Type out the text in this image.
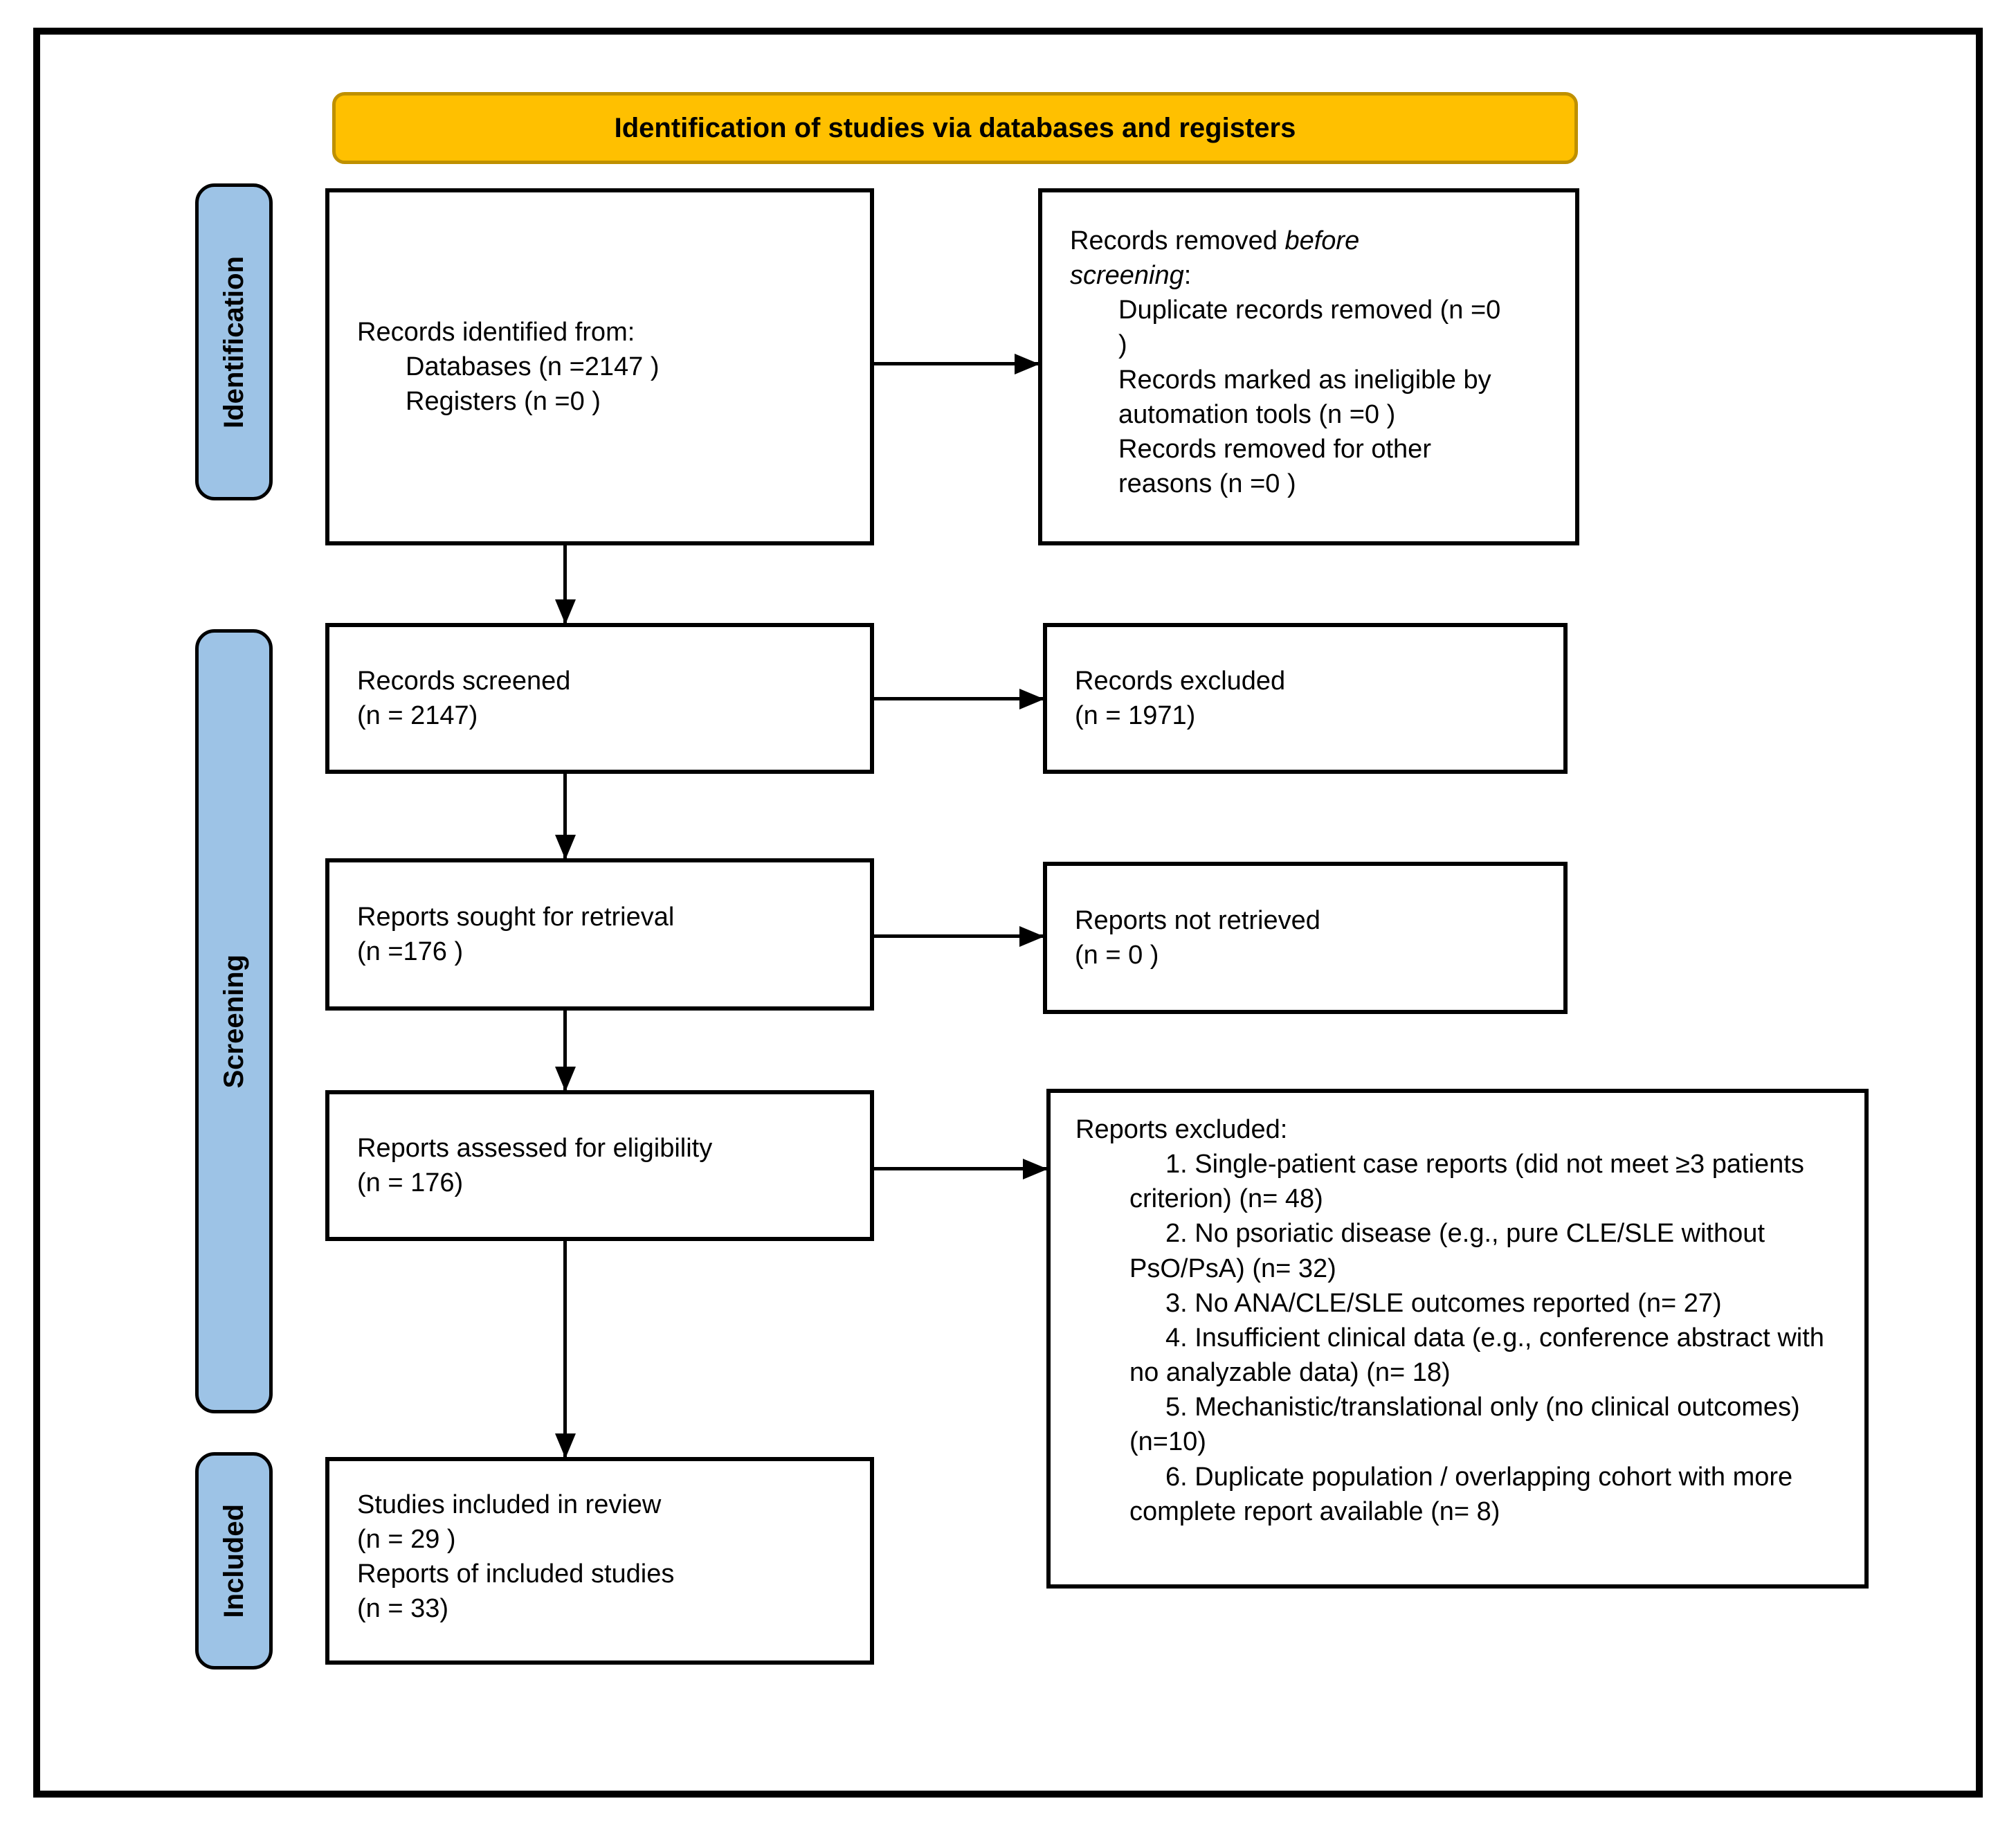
Identification of studies via databases and registers
Identification
Screening
Included
Records identified from:
Databases (n =2147 )
Registers (n =0 )
Records removed before screening:
Duplicate records removed (n =0 )
Records marked as ineligible by automation tools (n =0 )
Records removed for other reasons (n =0 )
Records screened
(n = 2147)
Records excluded
(n = 1971)
Reports sought for retrieval
(n =176 )
Reports not retrieved
(n = 0 )
Reports assessed for eligibility
(n = 176)
Reports excluded:
1. Single-patient case reports (did not meet ≥3 patients criterion) (n= 48)
2. No psoriatic disease (e.g., pure CLE/SLE without PsO/PsA) (n= 32)
3. No ANA/CLE/SLE outcomes reported (n= 27)
4. Insufficient clinical data (e.g., conference abstract with no analyzable data) (n= 18)
5. Mechanistic/translational only (no clinical outcomes) (n=10)
6. Duplicate population / overlapping cohort with more complete report available (n= 8)
Studies included in review
(n = 29 )
Reports of included studies
(n = 33)
